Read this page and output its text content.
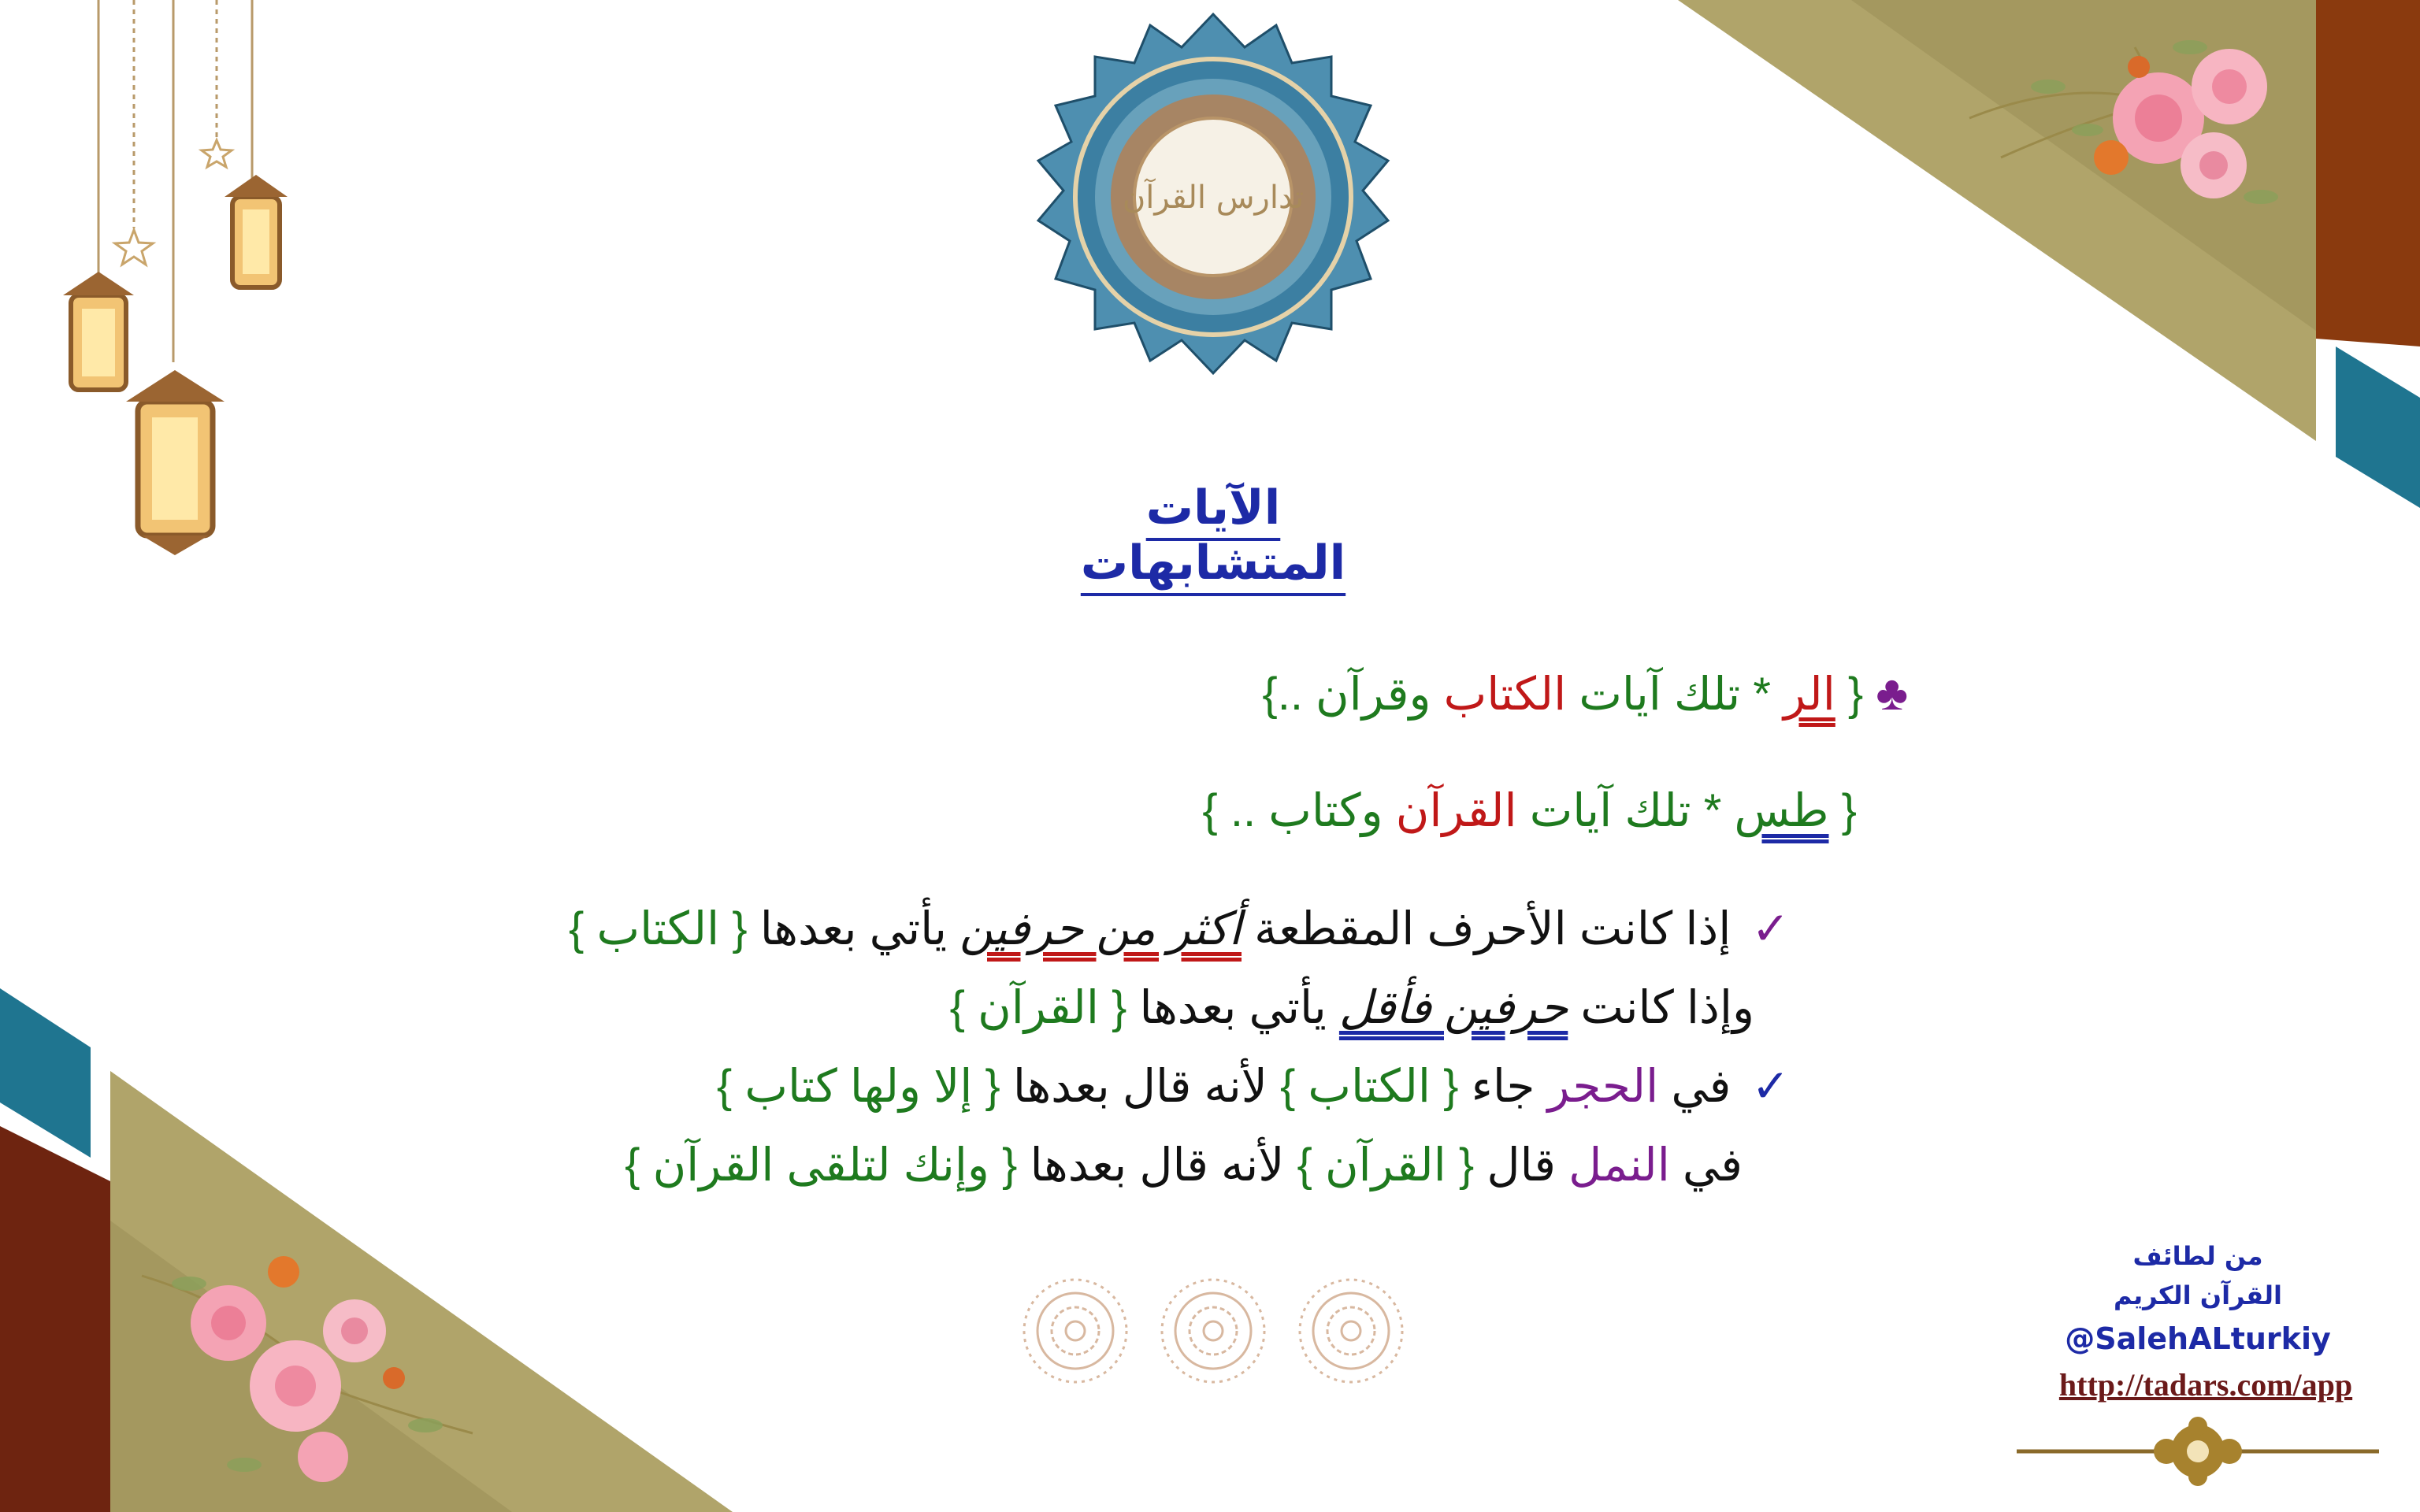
تدارس القرآن
الآيات المتشابهات
♣{ الر * تلك آيات الكتاب وقرآن ..}
{ طس * تلك آيات القرآن وكتاب .. }
✓إذا كانت الأحرف المقطعة أكثر من حرفين يأتي بعدها { الكتاب }
وإذا كانت حرفين فأقل يأتي بعدها { القرآن }
✓في الحجر جاء { الكتاب } لأنه قال بعدها { إلا ولها كتاب }
في النمل قال { القرآن } لأنه قال بعدها { وإنك لتلقى القرآن }
من لطائف
القرآن الكريم
@SalehALturkiy
http://tadars.com/app
